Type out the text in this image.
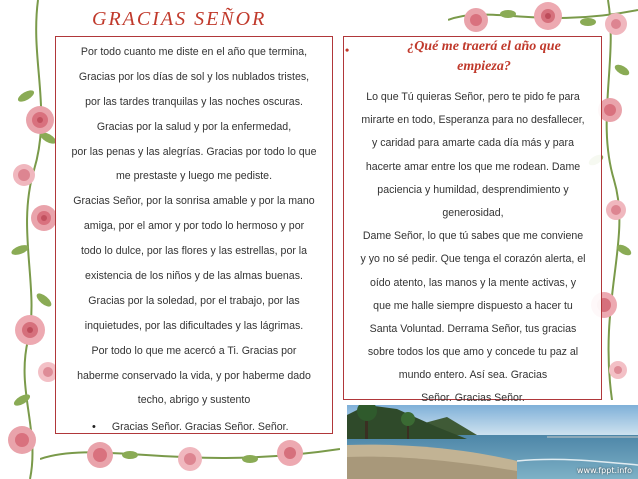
GRACIAS SEÑOR
Por todo cuanto me diste en el año que termina,
Gracias por los días de sol y los nublados tristes,
por las tardes tranquilas y las noches oscuras.
Gracias por la salud y por la enfermedad,
por las penas y las alegrías. Gracias por todo lo que
me prestaste y luego me pediste.
Gracias Señor, por la sonrisa amable y por la mano
amiga, por el amor y por todo lo hermoso y por
todo lo dulce, por las flores y las estrellas, por la
existencia de los niños y de las almas buenas.
Gracias por la soledad, por el trabajo, por las
inquietudes, por las dificultades y las lágrimas.
Por todo lo que me acercó a Ti. Gracias por
haberme conservado la vida, y por haberme dado
techo, abrigo y sustento
• Gracias Señor. Gracias Señor. Señor.
•	¿Qué me traerá el año que
empieza?
Lo que Tú quieras Señor, pero te pido fe para
mirarte en todo, Esperanza para no desfallecer,
y caridad para amarte cada día más y para
hacerte amar entre los que me rodean. Dame
paciencia y humildad, desprendimiento y
generosidad,
Dame Señor, lo que tú sabes que me conviene
y yo no sé pedir. Que tenga el corazón alerta, el
oído atento, las manos y la mente activas, y
que me halle siempre dispuesto a hacer tu
Santa Voluntad. Derrama Señor, tus gracias
sobre todos los que amo y concede tu paz al
mundo entero. Así sea. Gracias
Señor. Gracias Señor.
www.fppt.info
